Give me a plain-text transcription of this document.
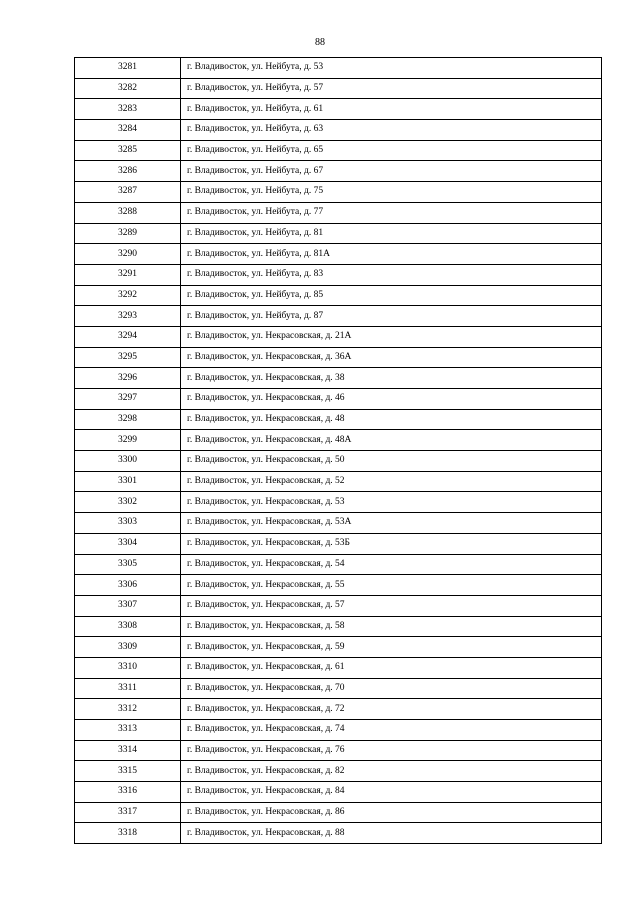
88
3281	г. Владивосток, ул. Нейбута, д. 53
3282	г. Владивосток, ул. Нейбута, д. 57
3283	г. Владивосток, ул. Нейбута, д. 61
3284	г. Владивосток, ул. Нейбута, д. 63
3285	г. Владивосток, ул. Нейбута, д. 65
3286	г. Владивосток, ул. Нейбута, д. 67
3287	г. Владивосток, ул. Нейбута, д. 75
3288	г. Владивосток, ул. Нейбута, д. 77
3289	г. Владивосток, ул. Нейбута, д. 81
3290	г. Владивосток, ул. Нейбута, д. 81А
3291	г. Владивосток, ул. Нейбута, д. 83
3292	г. Владивосток, ул. Нейбута, д. 85
3293	г. Владивосток, ул. Нейбута, д. 87
3294	г. Владивосток, ул. Некрасовская, д. 21А
3295	г. Владивосток, ул. Некрасовская, д. 36А
3296	г. Владивосток, ул. Некрасовская, д. 38
3297	г. Владивосток, ул. Некрасовская, д. 46
3298	г. Владивосток, ул. Некрасовская, д. 48
3299	г. Владивосток, ул. Некрасовская, д. 48А
3300	г. Владивосток, ул. Некрасовская, д. 50
3301	г. Владивосток, ул. Некрасовская, д. 52
3302	г. Владивосток, ул. Некрасовская, д. 53
3303	г. Владивосток, ул. Некрасовская, д. 53А
3304	г. Владивосток, ул. Некрасовская, д. 53Б
3305	г. Владивосток, ул. Некрасовская, д. 54
3306	г. Владивосток, ул. Некрасовская, д. 55
3307	г. Владивосток, ул. Некрасовская, д. 57
3308	г. Владивосток, ул. Некрасовская, д. 58
3309	г. Владивосток, ул. Некрасовская, д. 59
3310	г. Владивосток, ул. Некрасовская, д. 61
3311	г. Владивосток, ул. Некрасовская, д. 70
3312	г. Владивосток, ул. Некрасовская, д. 72
3313	г. Владивосток, ул. Некрасовская, д. 74
3314	г. Владивосток, ул. Некрасовская, д. 76
3315	г. Владивосток, ул. Некрасовская, д. 82
3316	г. Владивосток, ул. Некрасовская, д. 84
3317	г. Владивосток, ул. Некрасовская, д. 86
3318	г. Владивосток, ул. Некрасовская, д. 88
